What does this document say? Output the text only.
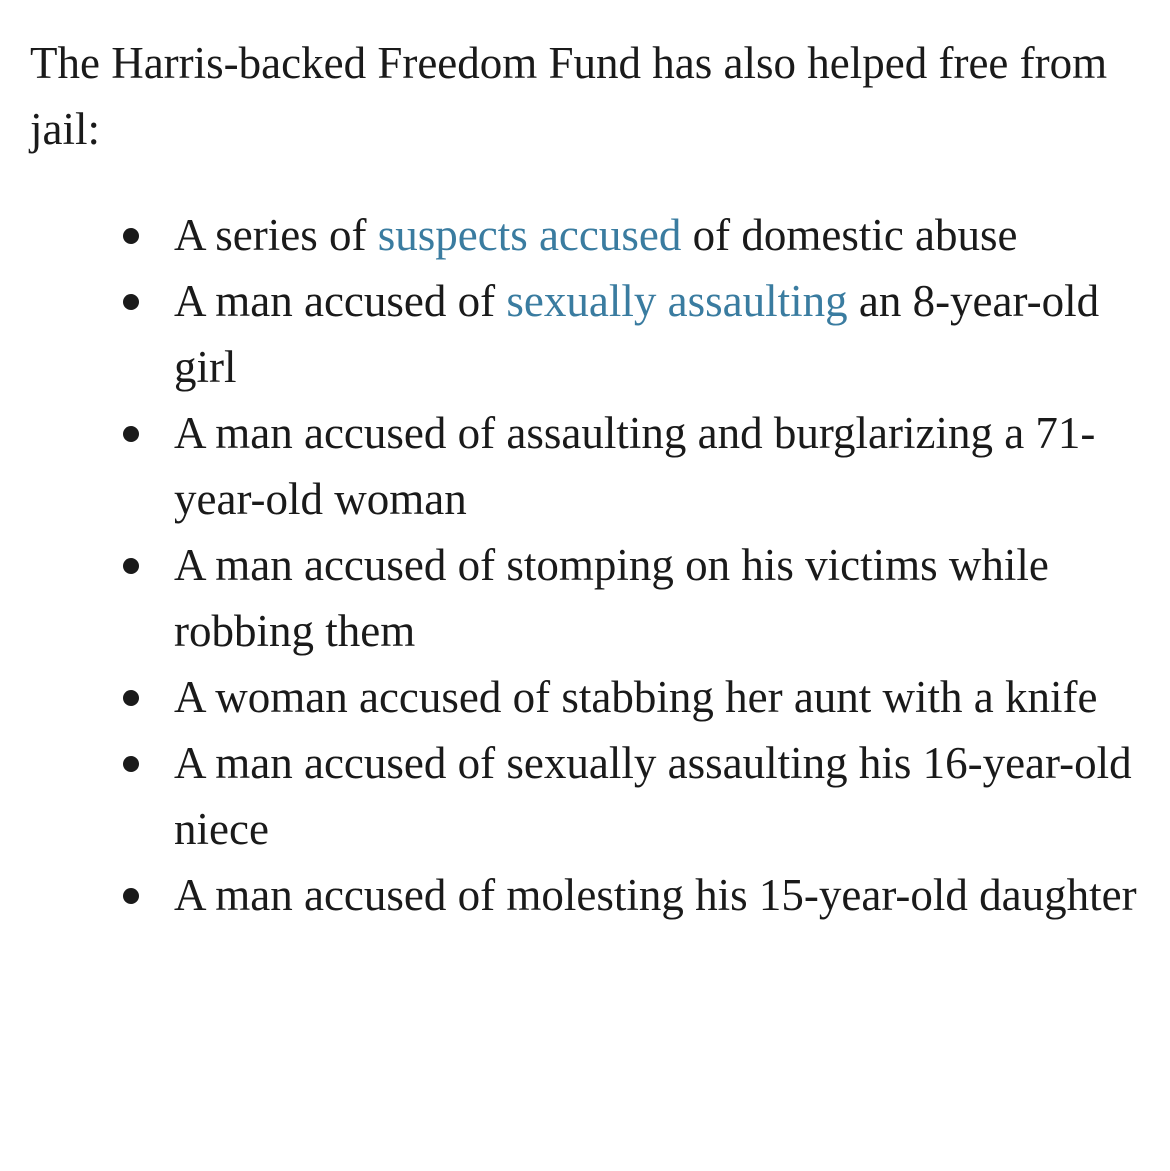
The Harris-backed Freedom Fund has also helped free from jail:

A series of suspects accused of domestic abuse
A man accused of sexually assaulting an 8-year-old girl
A man accused of assaulting and burglarizing a 71-year-old woman
A man accused of stomping on his victims while robbing them
A woman accused of stabbing her aunt with a knife
A man accused of sexually assaulting his 16-year-old niece
A man accused of molesting his 15-year-old daughter
